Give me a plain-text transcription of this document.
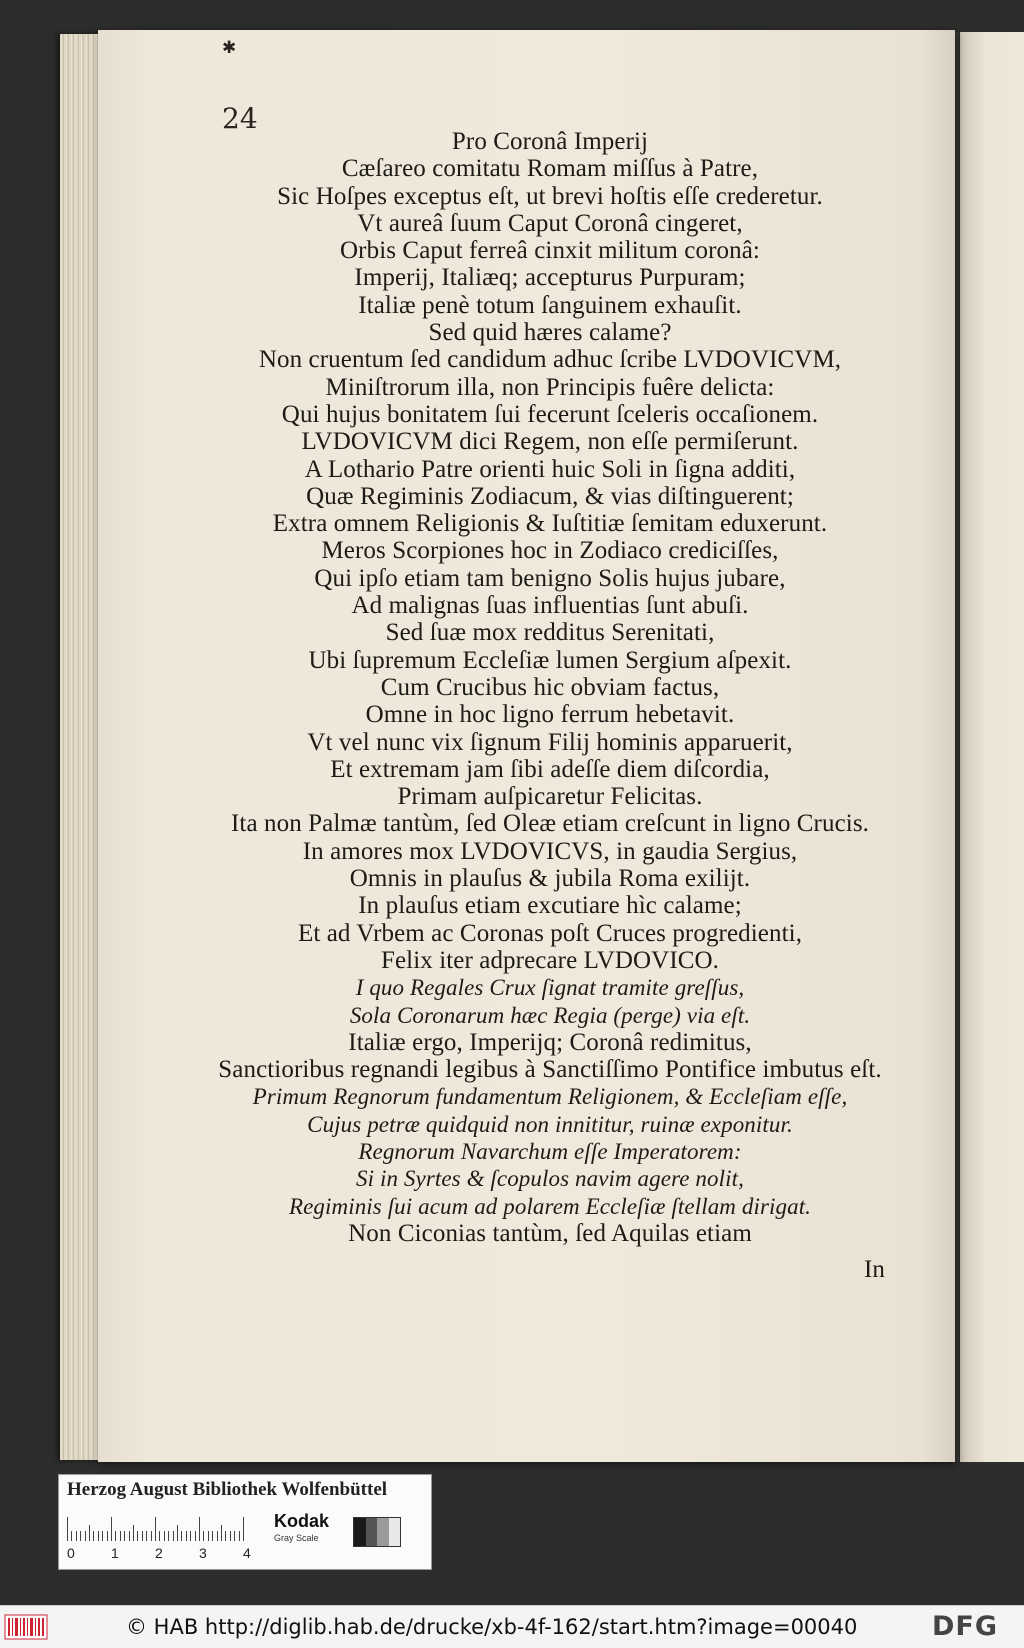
✱
24
Pro Coronâ Imperij
Cæſareo comitatu Romam miſſus à Patre,
Sic Hoſpes exceptus eſt, ut brevi hoſtis eſſe crederetur.
Vt aureâ ſuum Caput Coronâ cingeret,
Orbis Caput ferreâ cinxit militum coronâ:
Imperij, Italiæq; accepturus Purpuram;
Italiæ penè totum ſanguinem exhauſit.
Sed quid hæres calame?
Non cruentum ſed candidum adhuc ſcribe LVDOVICVM,
Miniſtrorum illa, non Principis fuêre delicta:
Qui hujus bonitatem ſui fecerunt ſceleris occaſionem.
LVDOVICVM dici Regem, non eſſe permiſerunt.
A Lothario Patre orienti huic Soli in ſigna additi,
Quæ Regiminis Zodiacum, & vias diſtinguerent;
Extra omnem Religionis & Iuſtitiæ ſemitam eduxerunt.
Meros Scorpiones hoc in Zodiaco crediciſſes,
Qui ipſo etiam tam benigno Solis hujus jubare,
Ad malignas ſuas influentias ſunt abuſi.
Sed ſuæ mox redditus Serenitati,
Ubi ſupremum Eccleſiæ lumen Sergium aſpexit.
Cum Crucibus hic obviam factus,
Omne in hoc ligno ferrum hebetavit.
Vt vel nunc vix ſignum Filij hominis apparuerit,
Et extremam jam ſibi adeſſe diem diſcordia,
Primam auſpicaretur Felicitas.
Ita non Palmæ tantùm, ſed Oleæ etiam creſcunt in ligno Crucis.
In amores mox LVDOVICVS, in gaudia Sergius,
Omnis in plauſus & jubila Roma exilijt.
In plauſus etiam excutiare hìc calame;
Et ad Vrbem ac Coronas poſt Cruces progredienti,
Felix iter adprecare LVDOVICO.
I quo Regales Crux ſignat tramite greſſus,
Sola Coronarum hæc Regia (perge) via eſt.
Italiæ ergo, Imperijq; Coronâ redimitus,
Sanctioribus regnandi legibus à Sanctiſſimo Pontifice imbutus eſt.
Primum Regnorum fundamentum Religionem, & Eccleſiam eſſe,
Cujus petræ quidquid non innititur, ruinæ exponitur.
Regnorum Navarchum eſſe Imperatorem:
Si in Syrtes & ſcopulos navim agere nolit,
Regiminis ſui acum ad polarem Eccleſiæ ſtellam dirigat.
Non Ciconias tantùm, ſed Aquilas etiam
In
Herzog August Bibliothek Wolfenbüttel
0	1	2	3	4
Kodak
Gray Scale
© HAB http://diglib.hab.de/drucke/xb-4f-162/start.htm?image=00040	DFG
